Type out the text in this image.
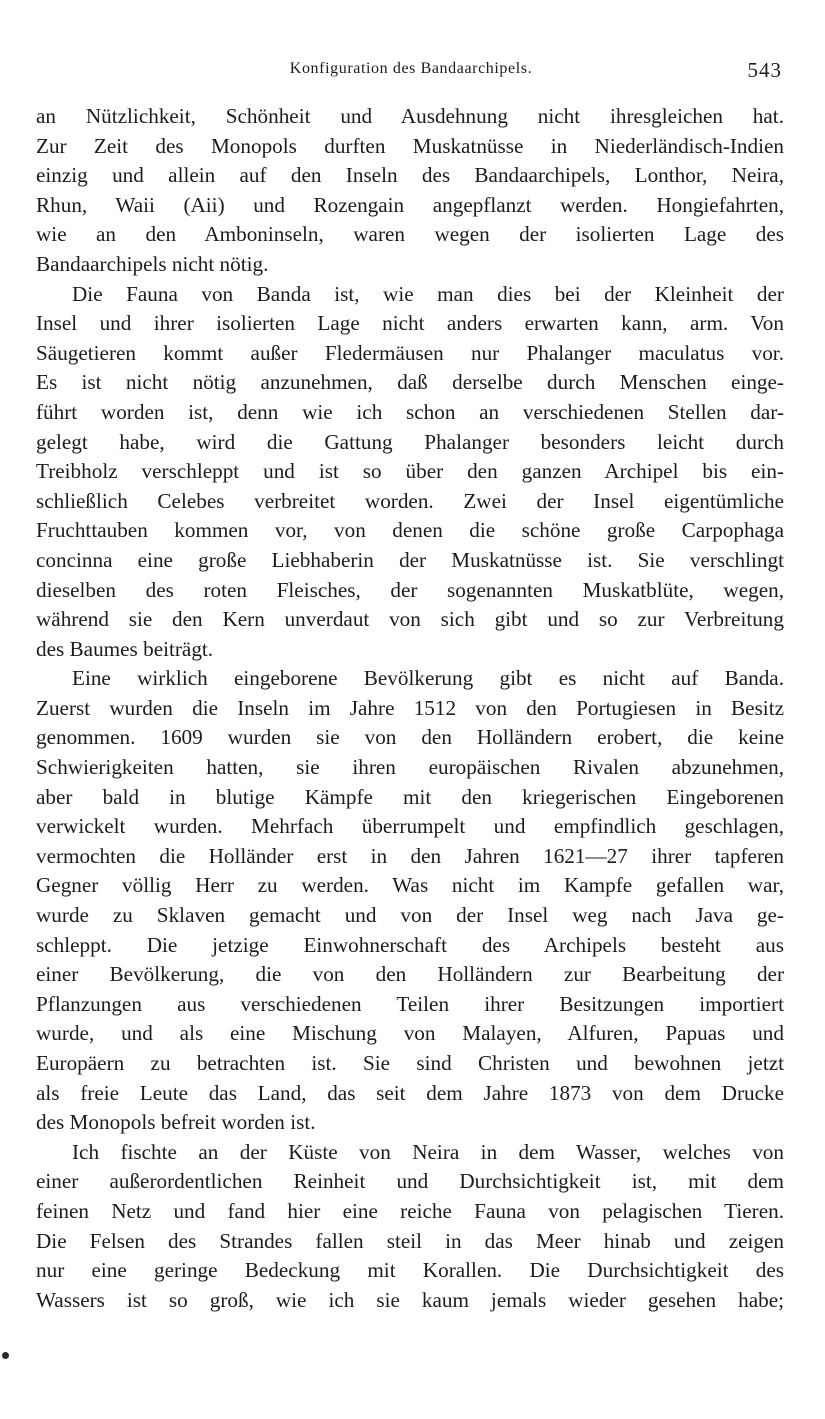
Konfiguration des Bandaarchipels.	543
an Nützlichkeit, Schönheit und Ausdehnung nicht ihresgleichen hat.
Zur Zeit des Monopols durften Muskatnüsse in Niederländisch-Indien
einzig und allein auf den Inseln des Bandaarchipels, Lonthor, Neira,
Rhun, Waii (Aii) und Rozengain angepflanzt werden. Hongiefahrten,
wie an den Amboninseln, waren wegen der isolierten Lage des
Bandaarchipels nicht nötig.
Die Fauna von Banda ist, wie man dies bei der Kleinheit der
Insel und ihrer isolierten Lage nicht anders erwarten kann, arm. Von
Säugetieren kommt außer Fledermäusen nur Phalanger maculatus vor.
Es ist nicht nötig anzunehmen, daß derselbe durch Menschen einge-
führt worden ist, denn wie ich schon an verschiedenen Stellen dar-
gelegt habe, wird die Gattung Phalanger besonders leicht durch
Treibholz verschleppt und ist so über den ganzen Archipel bis ein-
schließlich Celebes verbreitet worden. Zwei der Insel eigentümliche
Fruchttauben kommen vor, von denen die schöne große Carpophaga
concinna eine große Liebhaberin der Muskatnüsse ist. Sie verschlingt
dieselben des roten Fleisches, der sogenannten Muskatblüte, wegen,
während sie den Kern unverdaut von sich gibt und so zur Verbreitung
des Baumes beiträgt.
Eine wirklich eingeborene Bevölkerung gibt es nicht auf Banda.
Zuerst wurden die Inseln im Jahre 1512 von den Portugiesen in Besitz
genommen. 1609 wurden sie von den Holländern erobert, die keine
Schwierigkeiten hatten, sie ihren europäischen Rivalen abzunehmen,
aber bald in blutige Kämpfe mit den kriegerischen Eingeborenen
verwickelt wurden. Mehrfach überrumpelt und empfindlich geschlagen,
vermochten die Holländer erst in den Jahren 1621—27 ihrer tapferen
Gegner völlig Herr zu werden. Was nicht im Kampfe gefallen war,
wurde zu Sklaven gemacht und von der Insel weg nach Java ge-
schleppt. Die jetzige Einwohnerschaft des Archipels besteht aus
einer Bevölkerung, die von den Holländern zur Bearbeitung der
Pflanzungen aus verschiedenen Teilen ihrer Besitzungen importiert
wurde, und als eine Mischung von Malayen, Alfuren, Papuas und
Europäern zu betrachten ist. Sie sind Christen und bewohnen jetzt
als freie Leute das Land, das seit dem Jahre 1873 von dem Drucke
des Monopols befreit worden ist.
Ich fischte an der Küste von Neira in dem Wasser, welches von
einer außerordentlichen Reinheit und Durchsichtigkeit ist, mit dem
feinen Netz und fand hier eine reiche Fauna von pelagischen Tieren.
Die Felsen des Strandes fallen steil in das Meer hinab und zeigen
nur eine geringe Bedeckung mit Korallen. Die Durchsichtigkeit des
Wassers ist so groß, wie ich sie kaum jemals wieder gesehen habe;
